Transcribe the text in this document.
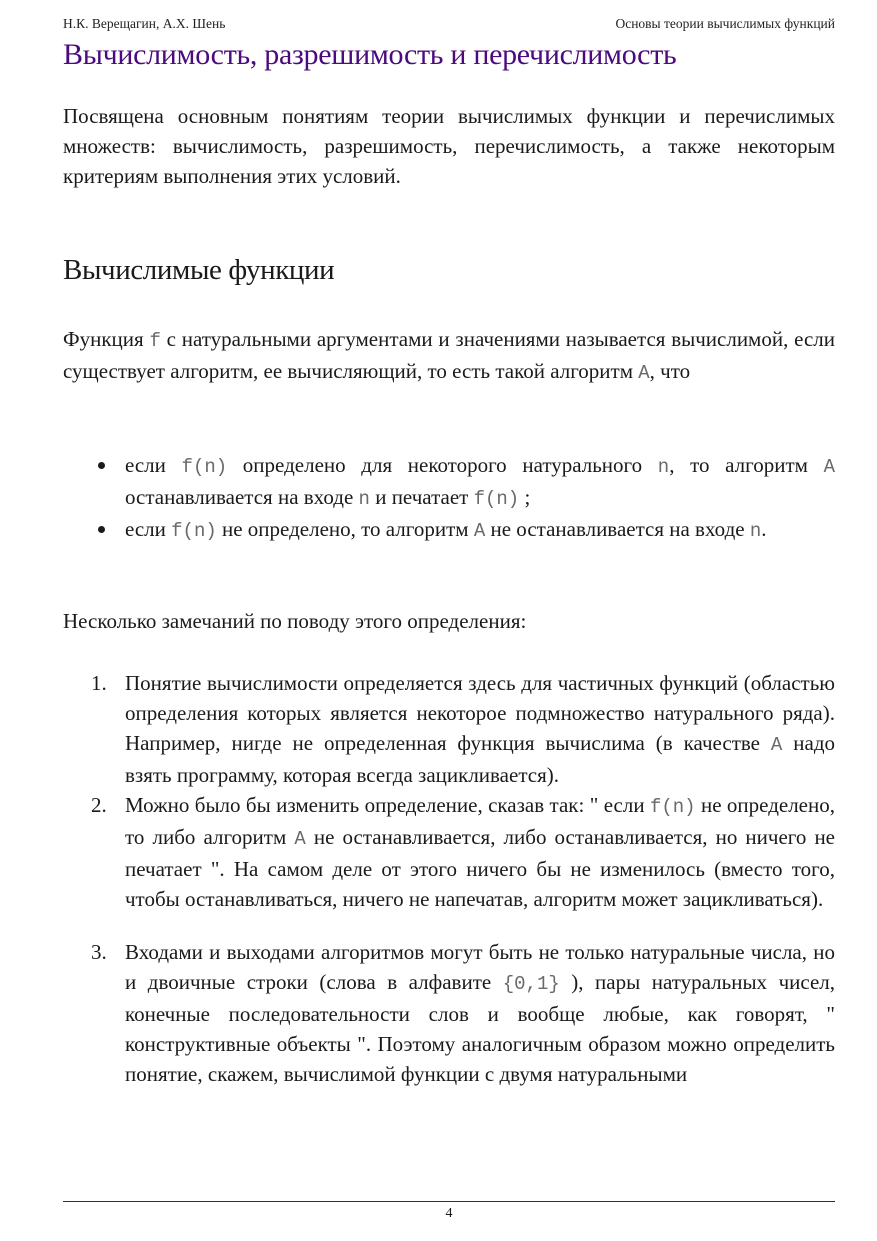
Н.К. Верещагин, А.Х. Шень	Основы теории вычислимых функций
Вычислимость, разрешимость и перечислимость

Посвящена основным понятиям теории вычислимых функции и перечислимых множеств: вычислимость, разрешимость, перечислимость, а также некоторым критериям выполнения этих условий.

Вычислимые функции

Функция f с натуральными аргументами и значениями называется вычислимой, если существует алгоритм, ее вычисляющий, то есть такой алгоритм A, что

если f(n) определено для некоторого натурального n, то алгоритм A останавливается на входе n и печатает f(n) ;
если f(n) не определено, то алгоритм A не останавливается на входе n.

Несколько замечаний по поводу этого определения:

1. Понятие вычислимости определяется здесь для частичных функций (областью определения которых является некоторое подмножество натурального ряда). Например, нигде не определенная функция вычислима (в качестве A надо взять программу, которая всегда зацикливается).
2. Можно было бы изменить определение, сказав так: " если f(n) не определено, то либо алгоритм A не останавливается, либо останавливается, но ничего не печатает ". На самом деле от этого ничего бы не изменилось (вместо того, чтобы останавливаться, ничего не напечатав, алгоритм может зацикливаться).
3. Входами и выходами алгоритмов могут быть не только натуральные числа, но и двоичные строки (слова в алфавите {0,1} ), пары натуральных чисел, конечные последовательности слов и вообще любые, как говорят, " конструктивные объекты ". Поэтому аналогичным образом можно определить понятие, скажем, вычислимой функции с двумя натуральными
4
